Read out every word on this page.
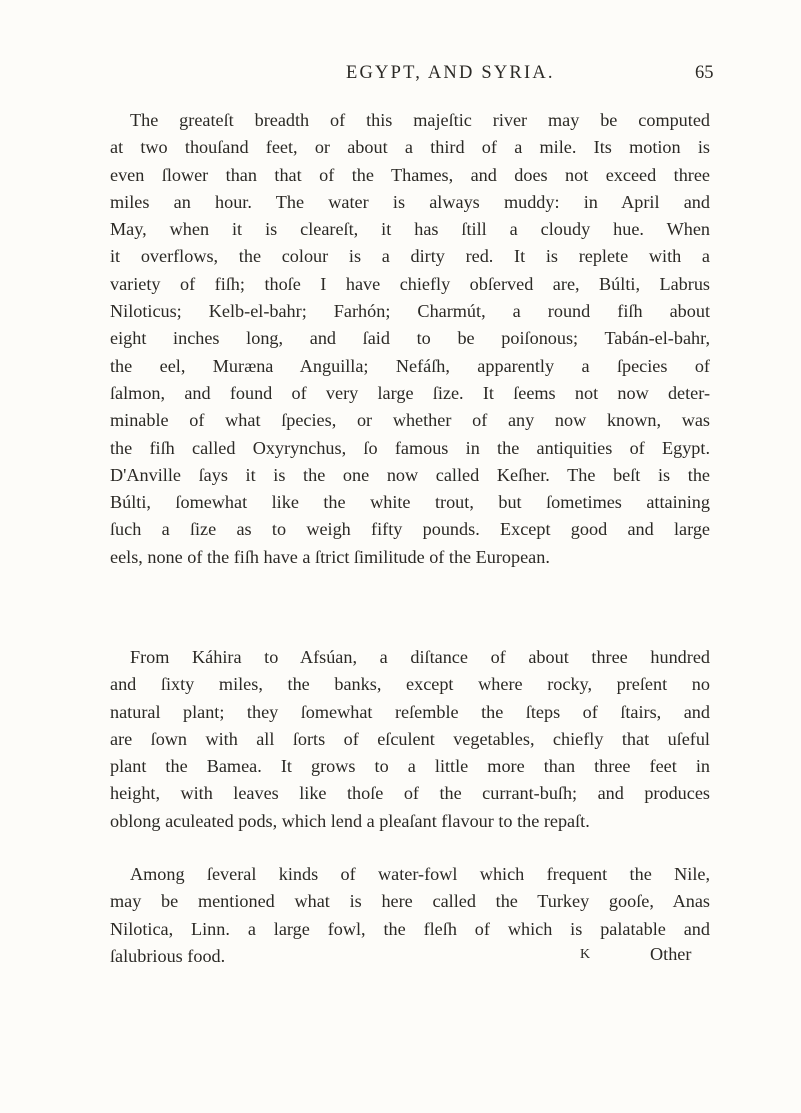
EGYPT, AND SYRIA.	65
The greateſt breadth of this majeſtic river may be computed
at two thouſand feet, or about a third of a mile. Its motion is
even ſlower than that of the Thames, and does not exceed three
miles an hour. The water is always muddy: in April and
May, when it is cleareſt, it has ſtill a cloudy hue. When
it overflows, the colour is a dirty red. It is replete with a
variety of fiſh; thoſe I have chiefly obſerved are, Búlti, Labrus
Niloticus; Kelb-el-bahr; Farhón; Charmút, a round fiſh about
eight inches long, and ſaid to be poiſonous; Tabán-el-bahr,
the eel, Muræna Anguilla; Nefáſh, apparently a ſpecies of
ſalmon, and found of very large ſize. It ſeems not now deter-
minable of what ſpecies, or whether of any now known, was
the fiſh called Oxyrynchus, ſo famous in the antiquities of Egypt.
D'Anville ſays it is the one now called Keſher. The beſt is the
Búlti, ſomewhat like the white trout, but ſometimes attaining
ſuch a ſize as to weigh fifty pounds. Except good and large
eels, none of the fiſh have a ſtrict ſimilitude of the European.
From Káhira to Afsúan, a diſtance of about three hundred
and ſixty miles, the banks, except where rocky, preſent no
natural plant; they ſomewhat reſemble the ſteps of ſtairs, and
are ſown with all ſorts of eſculent vegetables, chiefly that uſeful
plant the Bamea. It grows to a little more than three feet in
height, with leaves like thoſe of the currant-buſh; and produces
oblong aculeated pods, which lend a pleaſant flavour to the repaſt.
Among ſeveral kinds of water-fowl which frequent the Nile,
may be mentioned what is here called the Turkey gooſe, Anas
Nilotica, Linn. a large fowl, the fleſh of which is palatable and
ſalubrious food.	K	Other
